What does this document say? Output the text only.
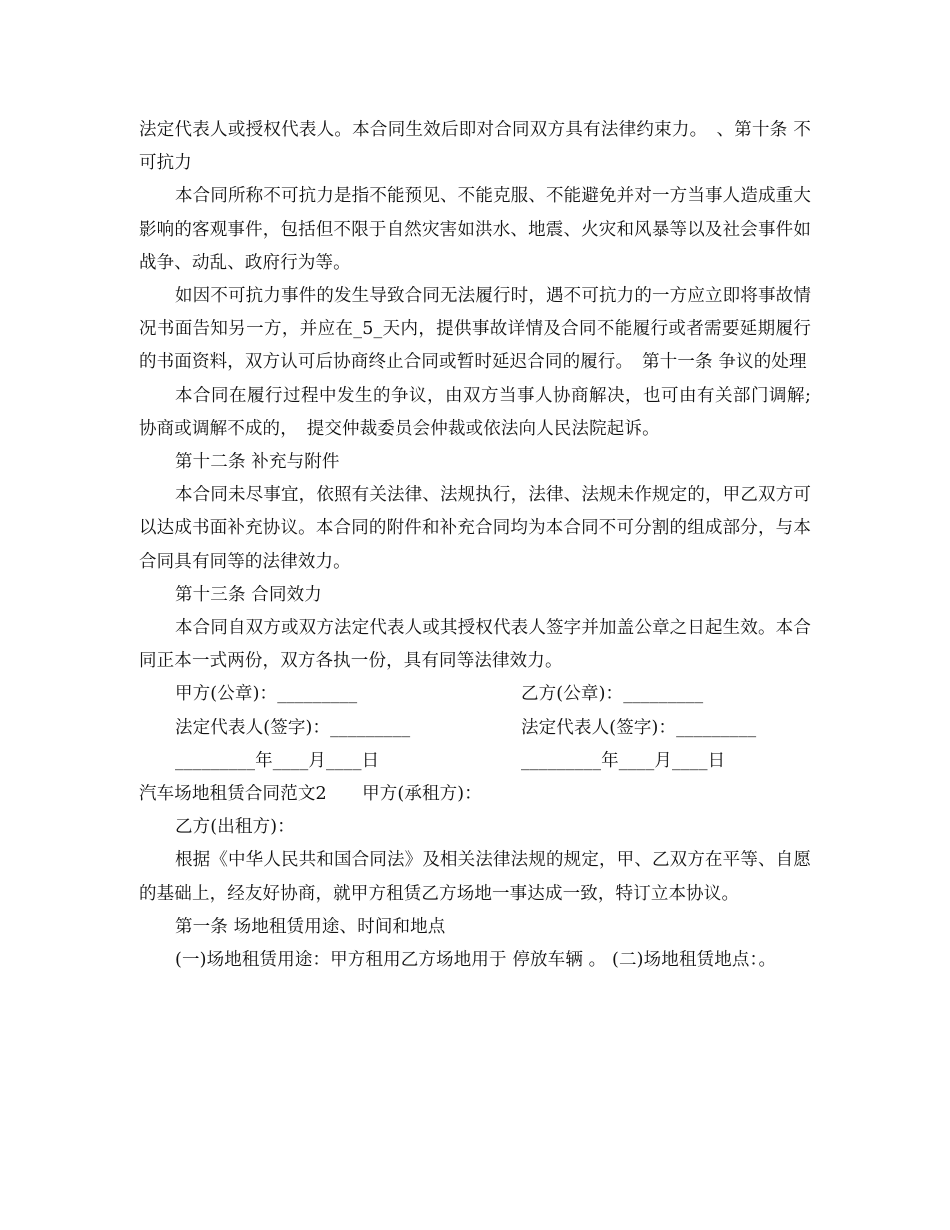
法定代表人或授权代表人。本合同生效后即对合同双方具有法律约束力。　、第十条 不可抗力

本合同所称不可抗力是指不能预见、不能克服、不能避免并对一方当事人造成重大影响的客观事件，包括但不限于自然灾害如洪水、地震、火灾和风暴等以及社会事件如战争、动乱、政府行为等。

如因不可抗力事件的发生导致合同无法履行时，遇不可抗力的一方应立即将事故情况书面告知另一方，并应在_5_天内，提供事故详情及合同不能履行或者需要延期履行的书面资料，双方认可后协商终止合同或暂时延迟合同的履行。　第十一条 争议的处理

本合同在履行过程中发生的争议，由双方当事人协商解决，也可由有关部门调解;协商或调解不成的，　提交仲裁委员会仲裁或依法向人民法院起诉。

第十二条 补充与附件

本合同未尽事宜，依照有关法律、法规执行，法律、法规未作规定的，甲乙双方可以达成书面补充协议。本合同的附件和补充合同均为本合同不可分割的组成部分，与本合同具有同等的法律效力。

第十三条 合同效力

本合同自双方或双方法定代表人或其授权代表人签字并加盖公章之日起生效。本合同正本一式两份，双方各执一份，具有同等法律效力。

甲方(公章)：_________	乙方(公章)：_________
法定代表人(签字)：_________	法定代表人(签字)：_________
_________年____月____日	_________年____月____日

汽车场地租赁合同范文2　　甲方(承租方)：

乙方(出租方)：

根据《中华人民共和国合同法》及相关法律法规的规定，甲、乙双方在平等、自愿的基础上，经友好协商，就甲方租赁乙方场地一事达成一致，特订立本协议。

第一条 场地租赁用途、时间和地点

(一)场地租赁用途：甲方租用乙方场地用于 停放车辆 。 (二)场地租赁地点：。
